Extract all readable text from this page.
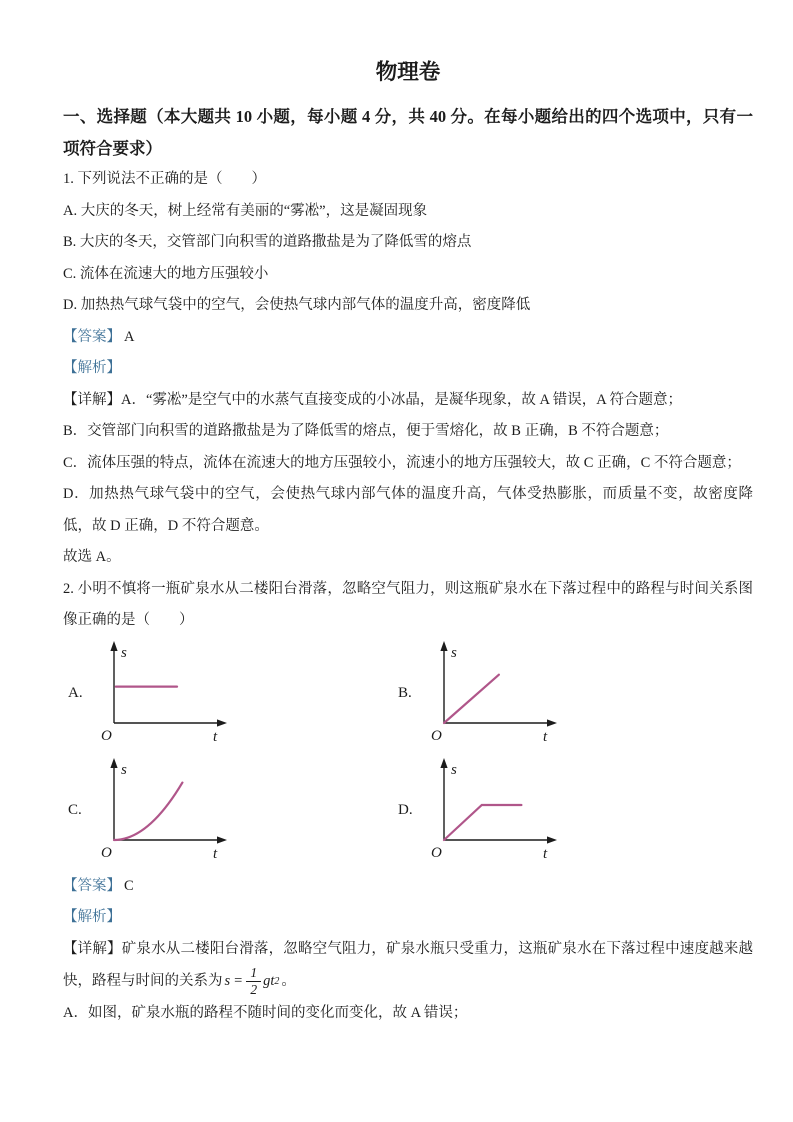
物理卷

一、选择题（本大题共 10 小题，每小题 4 分，共 40 分。在每小题给出的四个选项中，只有一项符合要求）

1. 下列说法不正确的是（　　）

A. 大庆的冬天，树上经常有美丽的“雾凇”，这是凝固现象

B. 大庆的冬天，交管部门向积雪的道路撒盐是为了降低雪的熔点

C. 流体在流速大的地方压强较小

D. 加热热气球气袋中的空气，会使热气球内部气体的温度升高，密度降低

【答案】 A

【解析】

【详解】A．“雾凇”是空气中的水蒸气直接变成的小冰晶，是凝华现象，故 A 错误，A 符合题意；

B．交管部门向积雪的道路撒盐是为了降低雪的熔点，便于雪熔化，故 B 正确，B 不符合题意；

C．流体压强的特点，流体在流速大的地方压强较小，流速小的地方压强较大，故 C 正确，C 不符合题意；

D．加热热气球气袋中的空气，会使热气球内部气体的温度升高，气体受热膨胀，而质量不变，故密度降低，故 D 正确，D 不符合题意。

故选 A。

2. 小明不慎将一瓶矿泉水从二楼阳台滑落，忽略空气阻力，则这瓶矿泉水在下落过程中的路程与时间关系图像正确的是（　　）

A.
s
t
O
B.
s
t
O
C.
s
t
O
D.
s
t
O

【答案】 C

【解析】

【详解】矿泉水从二楼阳台滑落，忽略空气阻力，矿泉水瓶只受重力，这瓶矿泉水在下落过程中速度越来越快，路程与时间的关系为 $s = \frac{1}{2}$ gt 2 。

A．如图，矿泉水瓶的路程不随时间的变化而变化，故 A 错误；
